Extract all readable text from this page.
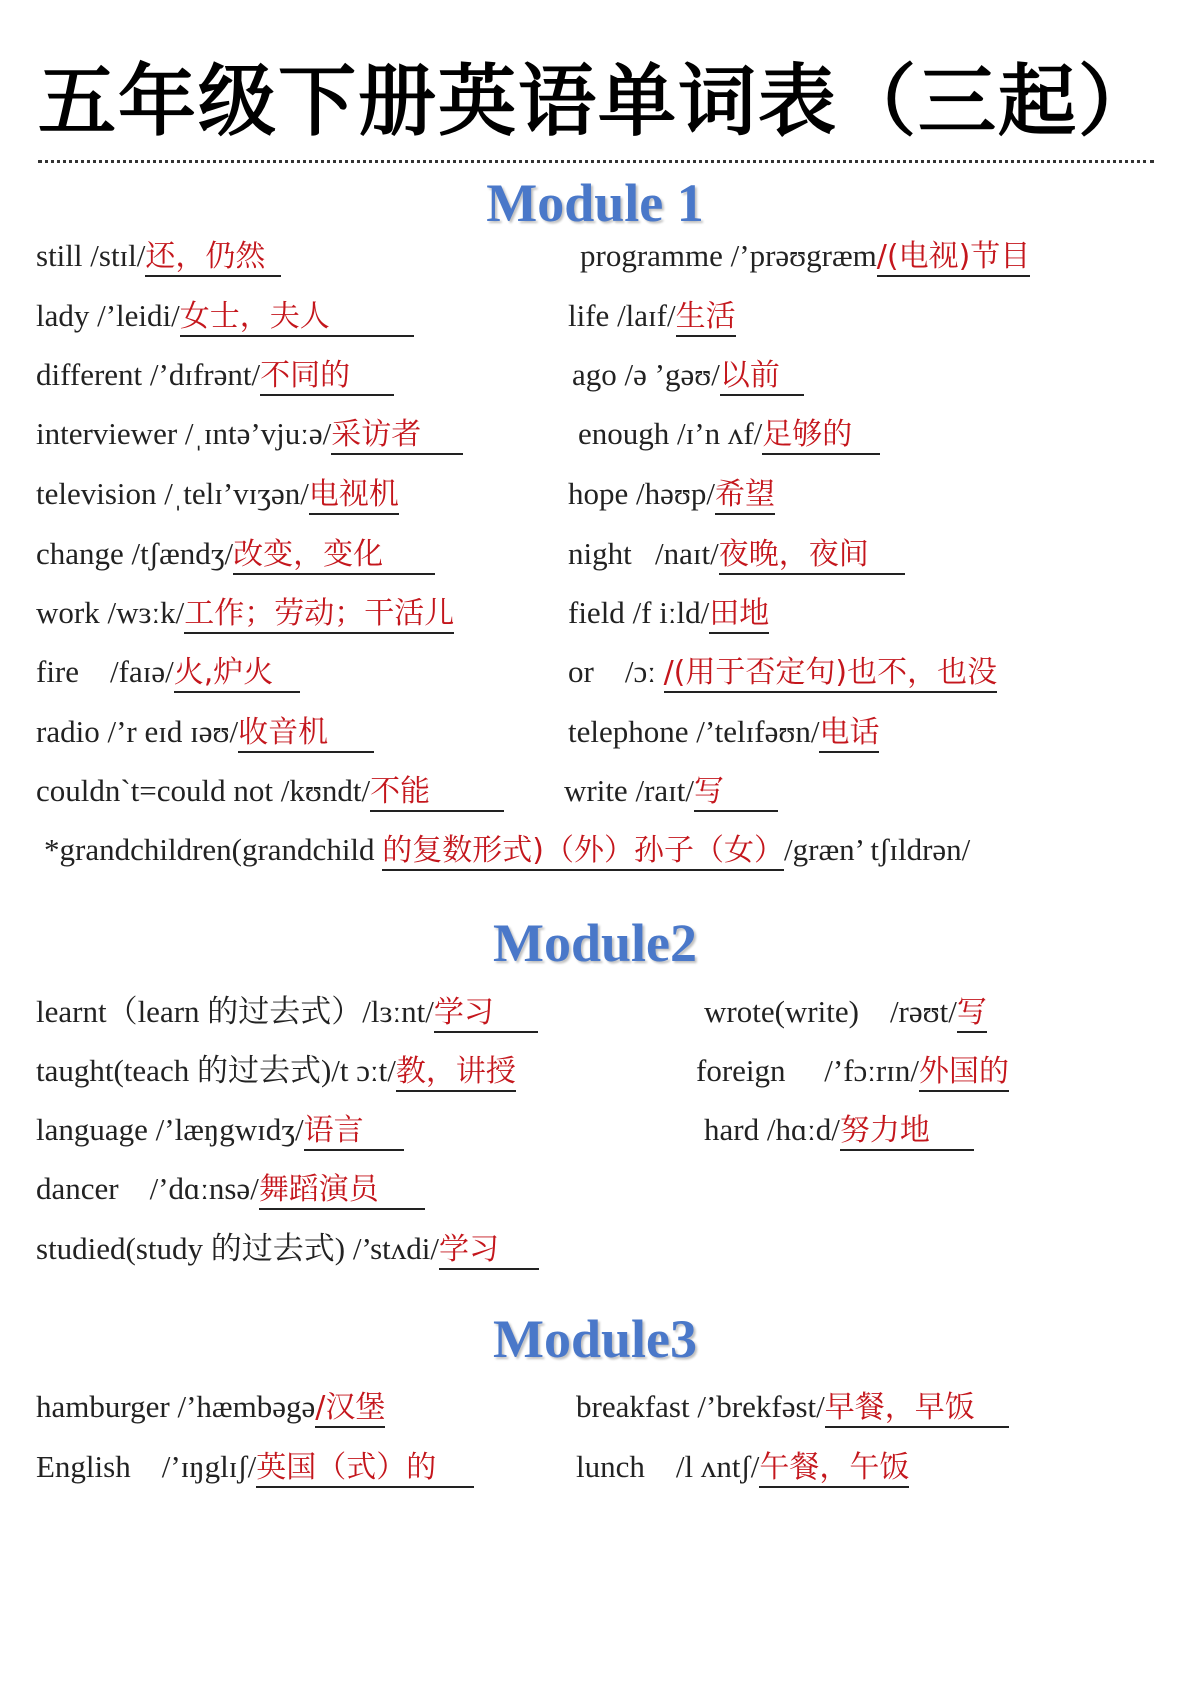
五年级下册英语单词表（三起）
Module 1
still /stɪl/还，仍然	programme /’prəʊgræm/(电视)节目
lady /’leidi/女士，夫人	life /laɪf/生活
different /’dɪfrənt/不同的	ago /ə ’gəʊ/以前
interviewer /ˌɪntə’vjuːə/采访者	enough /ɪ’n ʌf/足够的
television /ˌtelɪ’vɪʒən/电视机	hope /həʊp/希望
change /tʃændʒ/改变，变化	night /naɪt/夜晚，夜间
work /wɜːk/工作；劳动；干活儿	field /f iːld/田地
fire /faɪə/火,炉火	or /ɔː /(用于否定句)也不，也没
radio /’r eɪd ɪəʊ/收音机	telephone /’telɪfəʊn/电话
couldn`t=could not /kʊndt/不能	write /raɪt/写
*grandchildren(grandchild 的复数形式)（外）孙子（女）/græn’ tʃɪldrən/
Module2
learnt（learn 的过去式）/lɜːnt/学习	wrote(write) /rəʊt/写
taught(teach 的过去式)/t ɔːt/教，讲授	foreign /’fɔːrɪn/外国的
language /’læŋgwɪdʒ/语言	hard /hɑːd/努力地
dancer /’dɑːnsə/舞蹈演员
studied(study 的过去式) /’stʌdi/学习
Module3
hamburger /’hæmbəgə/汉堡	breakfast /’brekfəst/早餐，早饭
English /’ɪŋglɪʃ/英国（式）的	lunch /l ʌntʃ/午餐，午饭
